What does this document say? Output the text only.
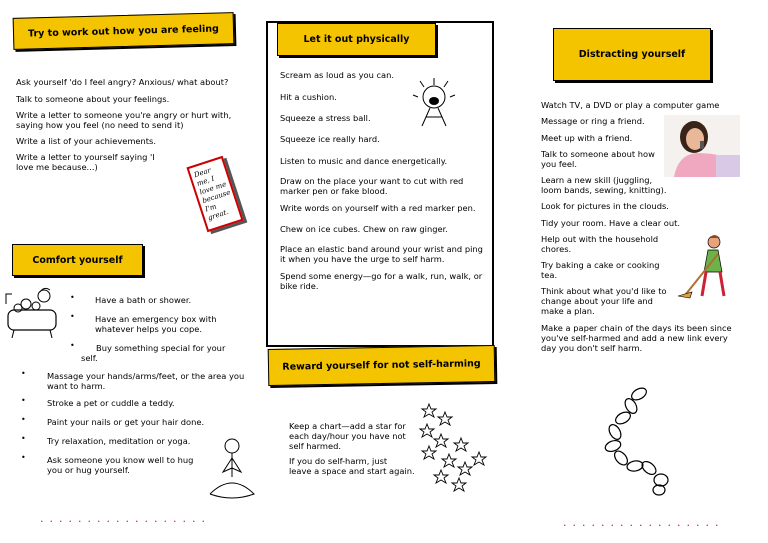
Try to work out how you are feeling
Ask yourself 'do I feel angry? Anxious/ what about?
Talk to someone about your feelings.
Write a letter to someone you're angry or hurt with,
saying how you feel (no need to send it)
Write a list of your achievements.
Write a letter to yourself saying 'I
love me because...)	Dear me, I love me because I'm great.
Comfort yourself
• Have a bath or shower.
• Have an emergency box with
whatever helps you cope.
•	Buy something special for your
self.
•	Massage your hands/arms/feet, or the area you
want to harm.
•	Stroke a pet or cuddle a teddy.
•	Paint your nails or get your hair done.
•	Try relaxation, meditation or yoga.
•	Ask someone you know well to hug
you or hug yourself.
..................
Let it out physically
Scream as loud as you can.
Hit a cushion.
Squeeze a stress ball.
Squeeze ice really hard.
Listen to music and dance energetically.
Draw on the place your want to cut with red
marker pen or fake blood.
Write words on yourself with a red marker pen.
Chew on ice cubes. Chew on raw ginger.
Place an elastic band around your wrist and ping
it when you have the urge to self harm.
Spend some energy—go for a walk, run, walk, or
bike ride.
Reward yourself for not self-harming
Keep a chart—add a star for
each day/hour you have not
self harmed.
If you do self-harm, just
leave a space and start again.
Distracting yourself
Watch TV, a DVD or play a computer game
Message or ring a friend.
Meet up with a friend.
Talk to someone about how
you feel.
Learn a new skill (juggling,
loom bands, sewing, knitting).
Look for pictures in the clouds.
Tidy your room. Have a clear out.
Help out with the household
chores.
Try baking a cake or cooking
tea.
Think about what you'd like to
change about your life and
make a plan.
Make a paper chain of the days its been since
you've self-harmed and add a new link every
day you don't self harm.
.................
